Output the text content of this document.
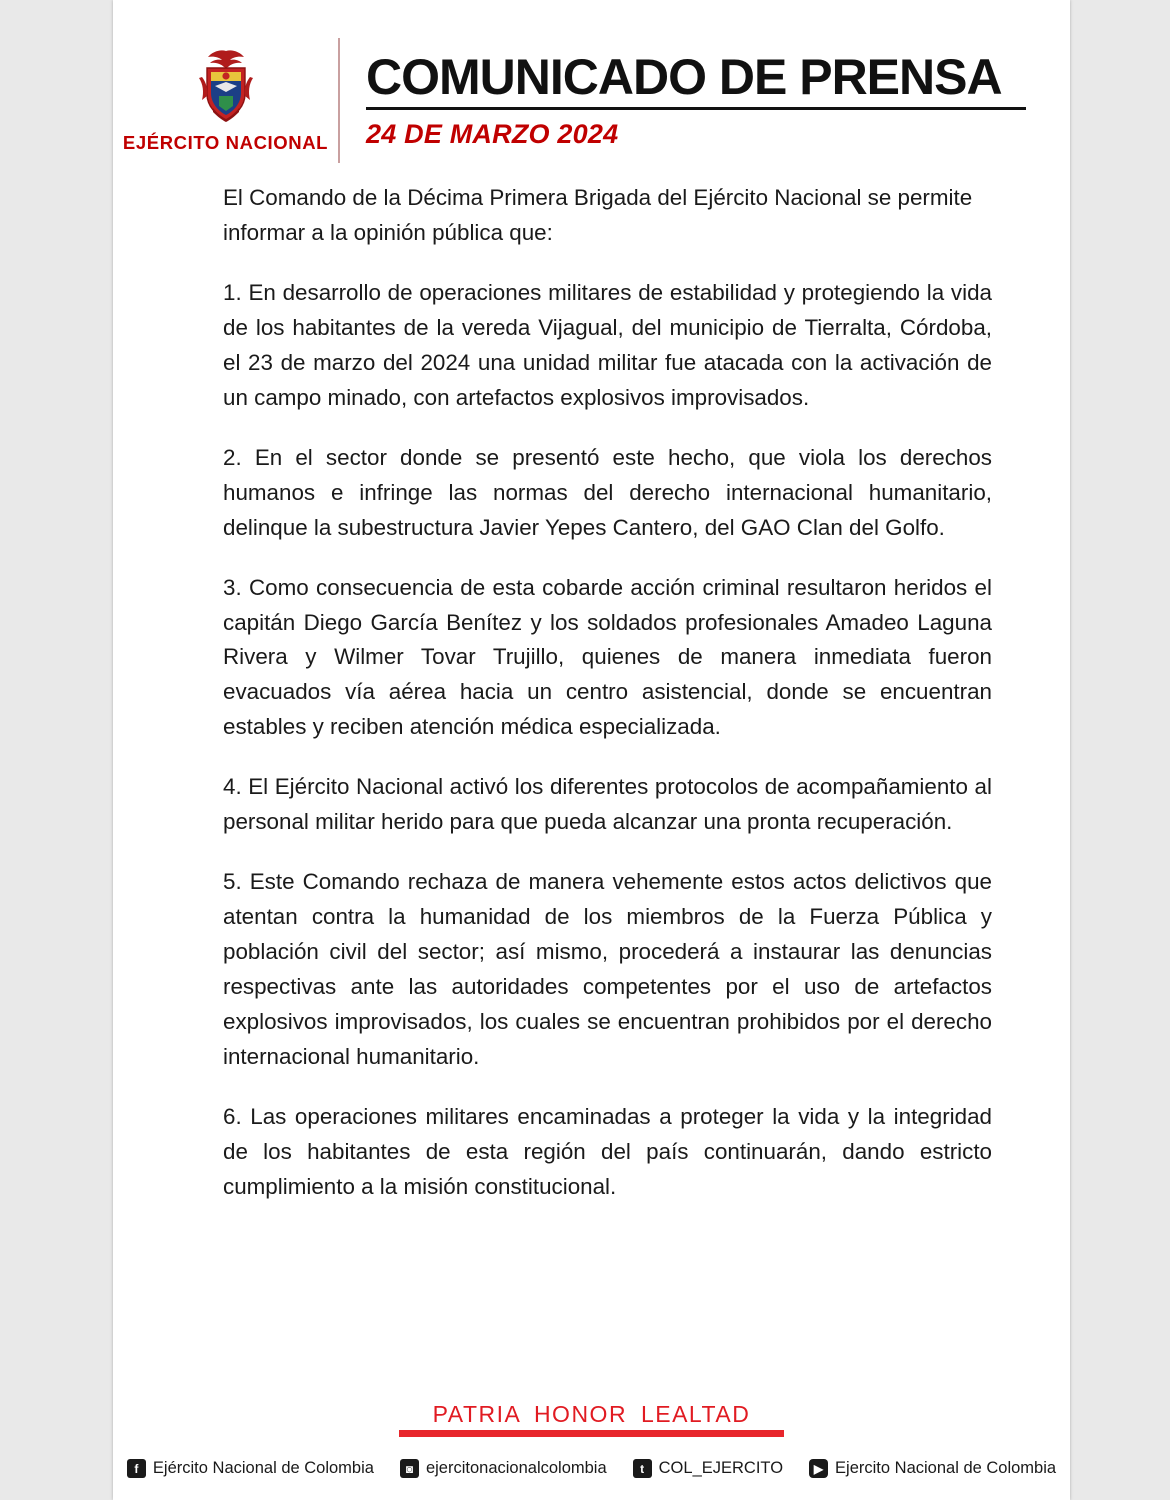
EJÉRCITO NACIONAL
COMUNICADO DE PRENSA
24 DE MARZO 2024

El Comando de la Décima Primera Brigada del Ejército Nacional se permite informar a la opinión pública que:

1. En desarrollo de operaciones militares de estabilidad y protegiendo la vida de los habitantes de la vereda Vijagual, del municipio de Tierralta, Córdoba, el 23 de marzo del 2024 una unidad militar fue atacada con la activación de un campo minado, con artefactos explosivos improvisados.

2. En el sector donde se presentó este hecho, que viola los derechos humanos e infringe las normas del derecho internacional humanitario, delinque la subestructura Javier Yepes Cantero, del GAO Clan del Golfo.

3. Como consecuencia de esta cobarde acción criminal resultaron heridos el capitán Diego García Benítez y los soldados profesionales Amadeo Laguna Rivera y Wilmer Tovar Trujillo, quienes de manera inmediata fueron evacuados vía aérea hacia un centro asistencial, donde se encuentran estables y reciben atención médica especializada.

4. El Ejército Nacional activó los diferentes protocolos de acompañamiento al personal militar herido para que pueda alcanzar una pronta recuperación.

5. Este Comando rechaza de manera vehemente estos actos delictivos que atentan contra la humanidad de los miembros de la Fuerza Pública y población civil del sector; así mismo, procederá a instaurar las denuncias respectivas ante las autoridades competentes por el uso de artefactos explosivos improvisados, los cuales se encuentran prohibidos por el derecho internacional humanitario.

6. Las operaciones militares encaminadas a proteger la vida y la integridad de los habitantes de esta región del país continuarán, dando estricto cumplimiento a la misión constitucional.

PATRIA HONOR LEALTAD
f Ejército Nacional de Colombia	◙ ejercitonacionalcolombia	t COL_EJERCITO	▶ Ejercito Nacional de Colombia
